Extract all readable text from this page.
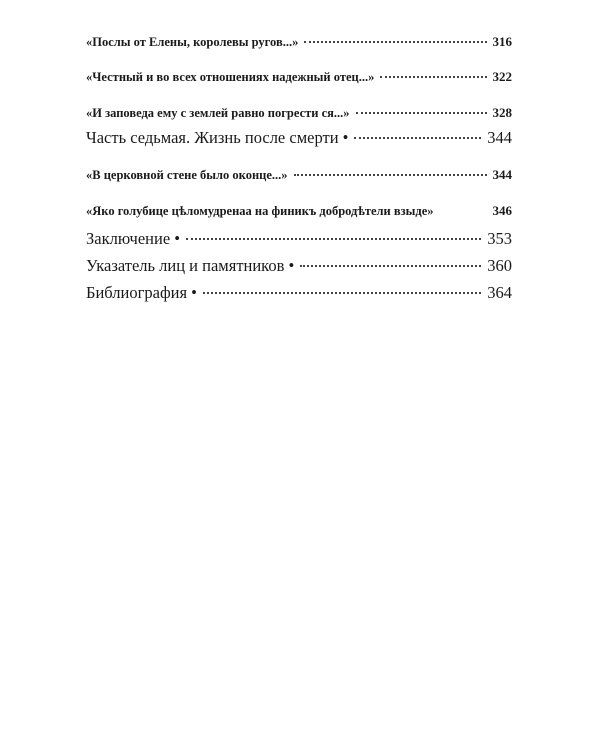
«Послы от Елены, королевы ругов...»	316
«Честный и во всех отношениях надежный отец...»	322
«И заповеда ему с землей равно погрести ся...»	328
Часть седьмая. Жизнь после смерти •	344
«В церковной стене было оконце...»	344
«Яко голубице цѣломудренаа на финикъ добродѣтели взыде»	346
Заключение •	353
Указатель лиц и памятников •	360
Библиография •	364
